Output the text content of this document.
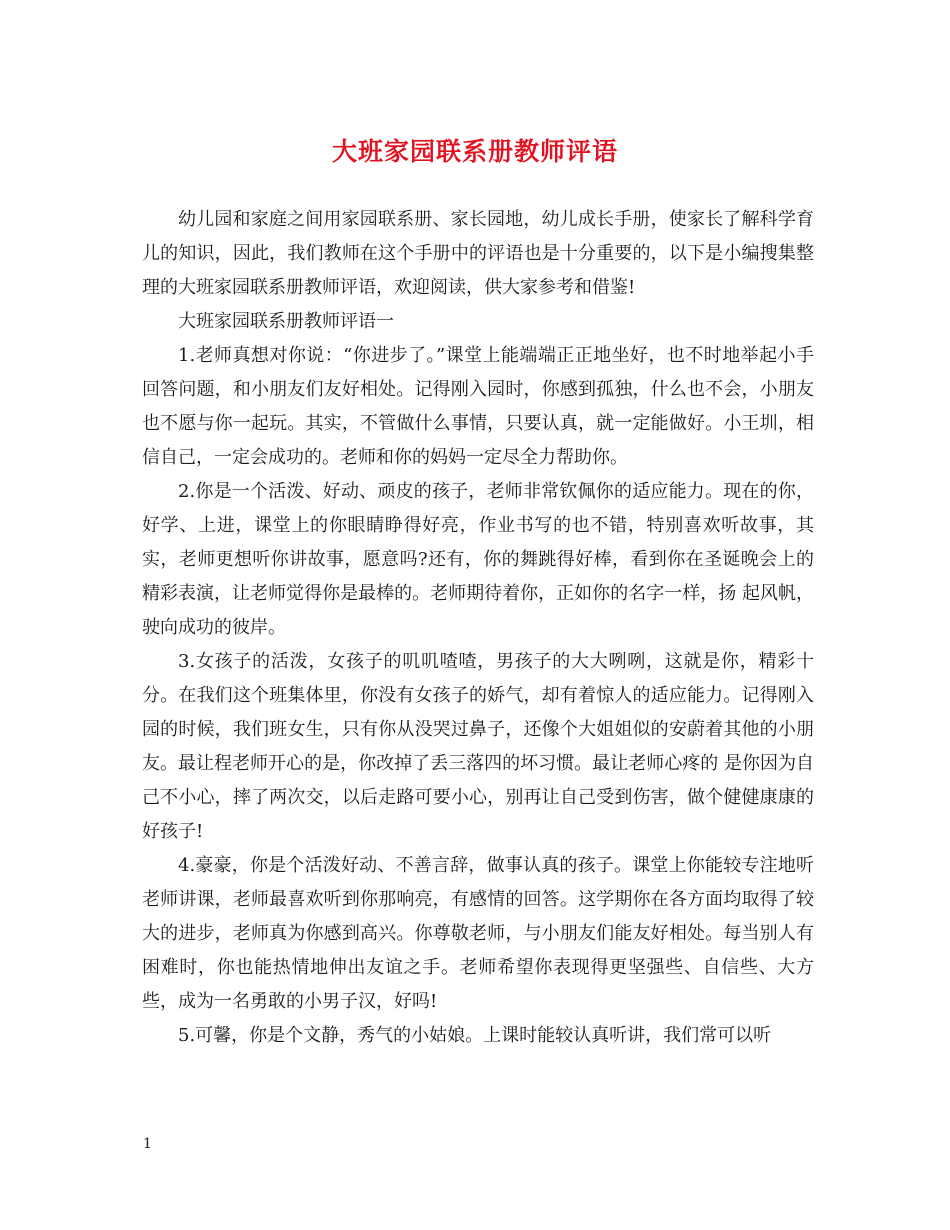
大班家园联系册教师评语

幼儿园和家庭之间用家园联系册、家长园地，幼儿成长手册，使家长了解科学育儿的知识，因此，我们教师在这个手册中的评语也是十分重要的，以下是小编搜集整理的大班家园联系册教师评语，欢迎阅读，供大家参考和借鉴!

大班家园联系册教师评语一

1.老师真想对你说：“你进步了。”课堂上能端端正正地坐好，也不时地举起小手回答问题，和小朋友们友好相处。记得刚入园时，你感到孤独，什么也不会，小朋友也不愿与你一起玩。其实，不管做什么事情，只要认真，就一定能做好。小王圳，相信自己，一定会成功的。老师和你的妈妈一定尽全力帮助你。

2.你是一个活泼、好动、顽皮的孩子，老师非常钦佩你的适应能力。现在的你，好学、上进，课堂上的你眼睛睁得好亮，作业书写的也不错，特别喜欢听故事，其实，老师更想听你讲故事，愿意吗?还有，你的舞跳得好棒，看到你在圣诞晚会上的精彩表演，让老师觉得你是最棒的。老师期待着你，正如你的名字一样，扬 起风帆，驶向成功的彼岸。

3.女孩子的活泼，女孩子的叽叽喳喳，男孩子的大大咧咧，这就是你，精彩十分。在我们这个班集体里，你没有女孩子的娇气，却有着惊人的适应能力。记得刚入园的时候，我们班女生，只有你从没哭过鼻子，还像个大姐姐似的安蔚着其他的小朋友。最让程老师开心的是，你改掉了丢三落四的坏习惯。最让老师心疼的 是你因为自己不小心，摔了两次交，以后走路可要小心，别再让自己受到伤害，做个健健康康的好孩子!

4.豪豪，你是个活泼好动、不善言辞，做事认真的孩子。课堂上你能较专注地听老师讲课，老师最喜欢听到你那响亮，有感情的回答。这学期你在各方面均取得了较大的进步，老师真为你感到高兴。你尊敬老师，与小朋友们能友好相处。每当别人有困难时，你也能热情地伸出友谊之手。老师希望你表现得更坚强些、自信些、大方些，成为一名勇敢的小男子汉，好吗!

5.可馨，你是个文静，秀气的小姑娘。上课时能较认真听讲，我们常可以听

1
